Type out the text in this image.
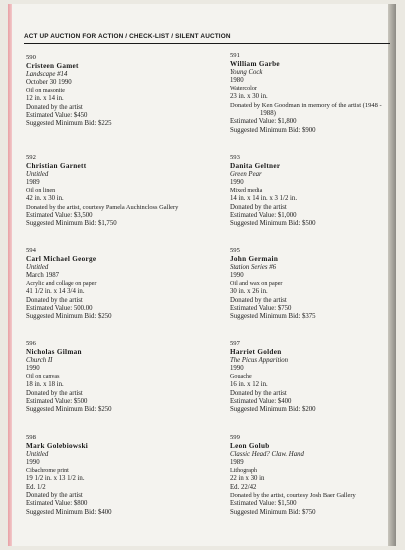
ACT UP AUCTION FOR ACTION / CHECK-LIST / SILENT AUCTION
590
Cristeen Gamet
Landscape #14
October 30 1990
Oil on masonite
12 in. x 14 in.
Donated by the artist
Estimated Value: $450
Suggested Minimum Bid: $225
591
William Garbe
Young Cock
1980
Watercolor
23 in. x 30 in.
Donated by Ken Goodman in memory of the artist (1948 -
1988)
Estimated Value: $1,800
Suggested Minimum Bid: $900
592
Christian Garnett
Untitled
1989
Oil on linen
42 in. x 30 in.
Donated by the artist, courtesy Pamela Auchincloss Gallery
Estimated Value: $3,500
Suggested Minimum Bid: $1,750
593
Danita Geltner
Green Pear
1990
Mixed media
14 in. x 14 in. x 3 1/2 in.
Donated by the artist
Estimated Value: $1,000
Suggested Minimum Bid: $500
594
Carl Michael George
Untitled
March 1987
Acrylic and collage on paper
41 1/2 in. x 14 3/4 in.
Donated by the artist
Estimated Value: 500.00
Suggested Minimum Bid: $250
595
John Germain
Station Series #6
1990
Oil and wax on paper
30 in. x 26 in.
Donated by the artist
Estimated Value: $750
Suggested Minimum Bid: $375
596
Nicholas Gilman
Church II
1990
Oil on canvas
18 in. x 18 in.
Donated by the artist
Estimated Value: $500
Suggested Minimum Bid: $250
597
Harriet Golden
The Picus Apparition
1990
Gouache
16 in. x 12 in.
Donated by the artist
Estimated Value: $400
Suggested Minimum Bid: $200
598
Mark Golebiowski
Untitled
1990
Cibachrome print
19 1/2 in. x 13 1/2 in.
Ed. 1/2
Donated by the artist
Estimated Value: $800
Suggested Minimum Bid: $400
599
Leon Golub
Classic Head? Claw. Hand
1989
Lithograph
22 in x 30 in
Ed. 22/42
Donated by the artist, courtesy Josh Baer Gallery
Estimated Value: $1,500
Suggested Minimum Bid: $750
